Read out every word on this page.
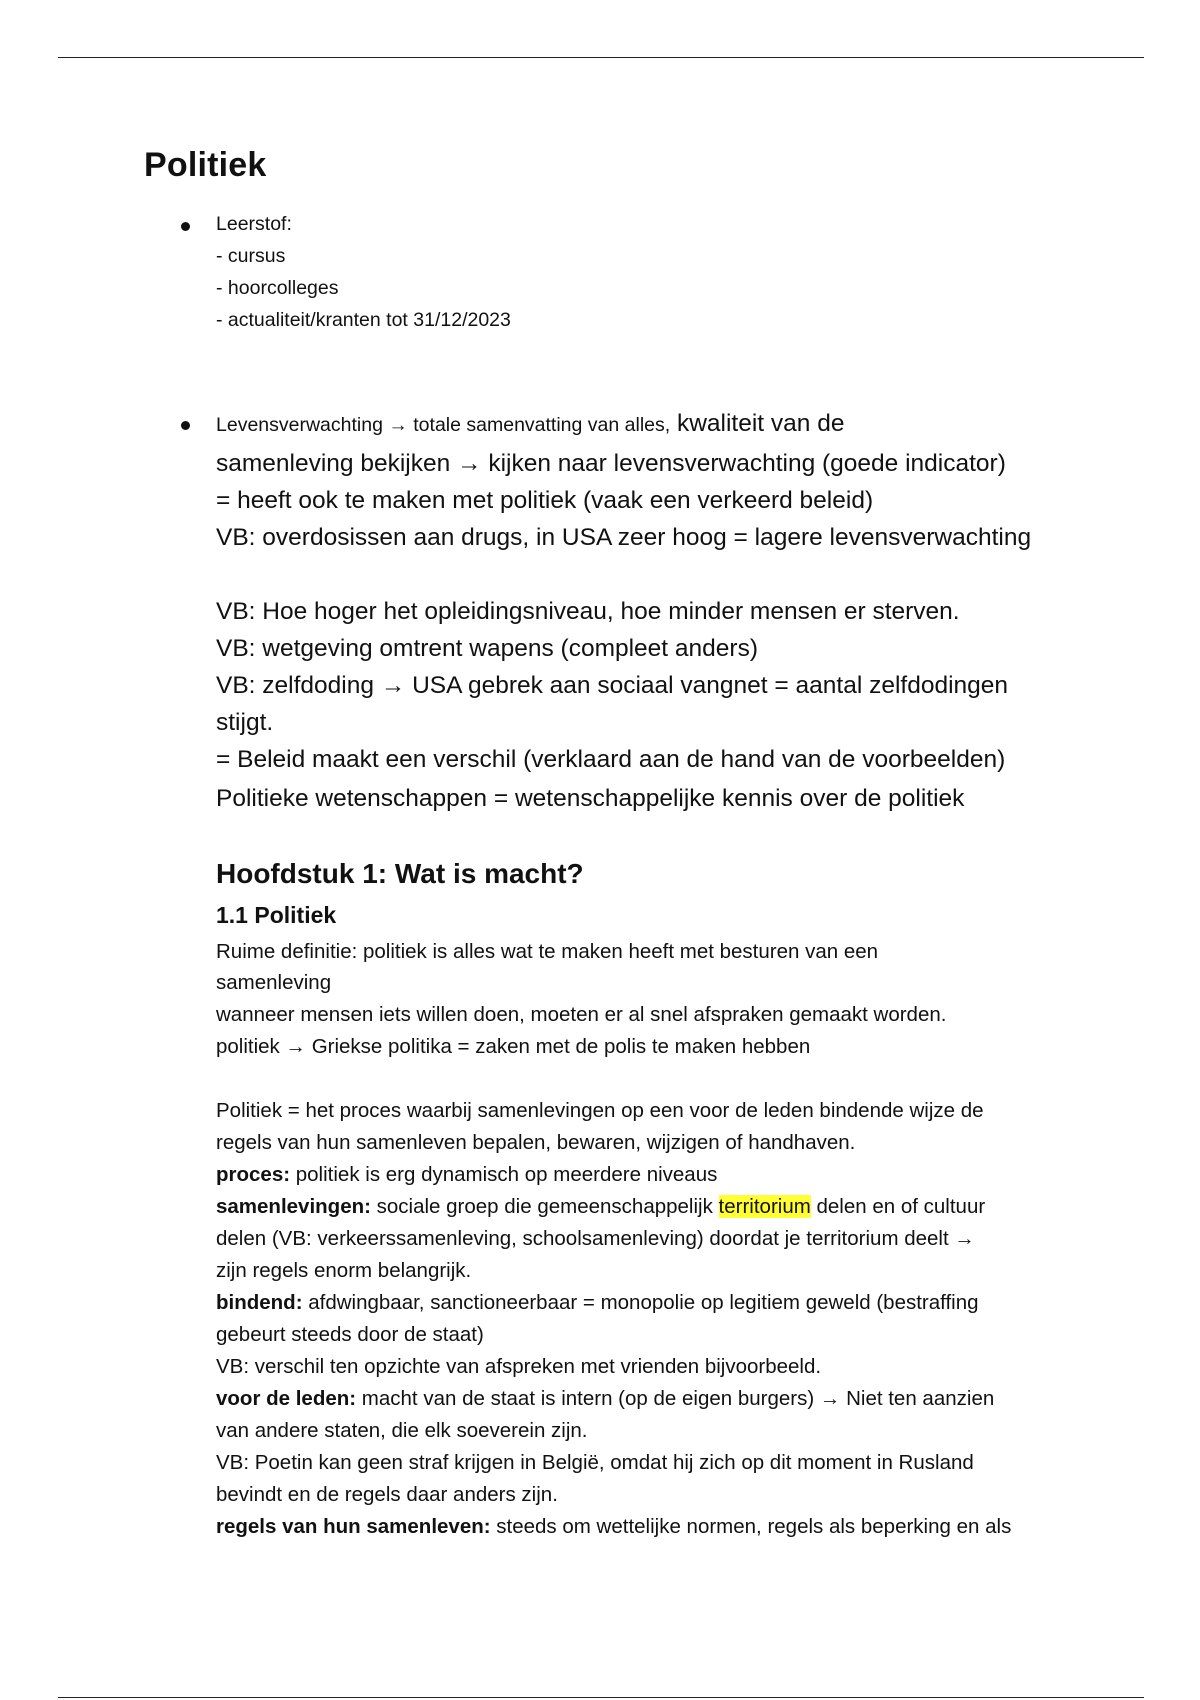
Politiek
Leerstof:
- cursus
- hoorcolleges
- actualiteit/kranten tot 31/12/2023
Levensverwachting → totale samenvatting van alles, kwaliteit van de
samenleving bekijken → kijken naar levensverwachting (goede indicator)
= heeft ook te maken met politiek (vaak een verkeerd beleid)
VB: overdosissen aan drugs, in USA zeer hoog = lagere levensverwachting
VB: Hoe hoger het opleidingsniveau, hoe minder mensen er sterven.
VB: wetgeving omtrent wapens (compleet anders)
VB: zelfdoding → USA gebrek aan sociaal vangnet = aantal zelfdodingen
stijgt.
= Beleid maakt een verschil (verklaard aan de hand van de voorbeelden)
Politieke wetenschappen = wetenschappelijke kennis over de politiek
Hoofdstuk 1: Wat is macht?
1.1 Politiek
Ruime definitie: politiek is alles wat te maken heeft met besturen van een
samenleving
wanneer mensen iets willen doen, moeten er al snel afspraken gemaakt worden.
politiek → Griekse politika = zaken met de polis te maken hebben
Politiek = het proces waarbij samenlevingen op een voor de leden bindende wijze de
regels van hun samenleven bepalen, bewaren, wijzigen of handhaven.
proces: politiek is erg dynamisch op meerdere niveaus
samenlevingen: sociale groep die gemeenschappelijk territorium delen en of cultuur
delen (VB: verkeerssamenleving, schoolsamenleving) doordat je territorium deelt →
zijn regels enorm belangrijk.
bindend: afdwingbaar, sanctioneerbaar = monopolie op legitiem geweld (bestraffing
gebeurt steeds door de staat)
VB: verschil ten opzichte van afspreken met vrienden bijvoorbeeld.
voor de leden: macht van de staat is intern (op de eigen burgers) → Niet ten aanzien
van andere staten, die elk soeverein zijn.
VB: Poetin kan geen straf krijgen in België, omdat hij zich op dit moment in Rusland
bevindt en de regels daar anders zijn.
regels van hun samenleven: steeds om wettelijke normen, regels als beperking en als
